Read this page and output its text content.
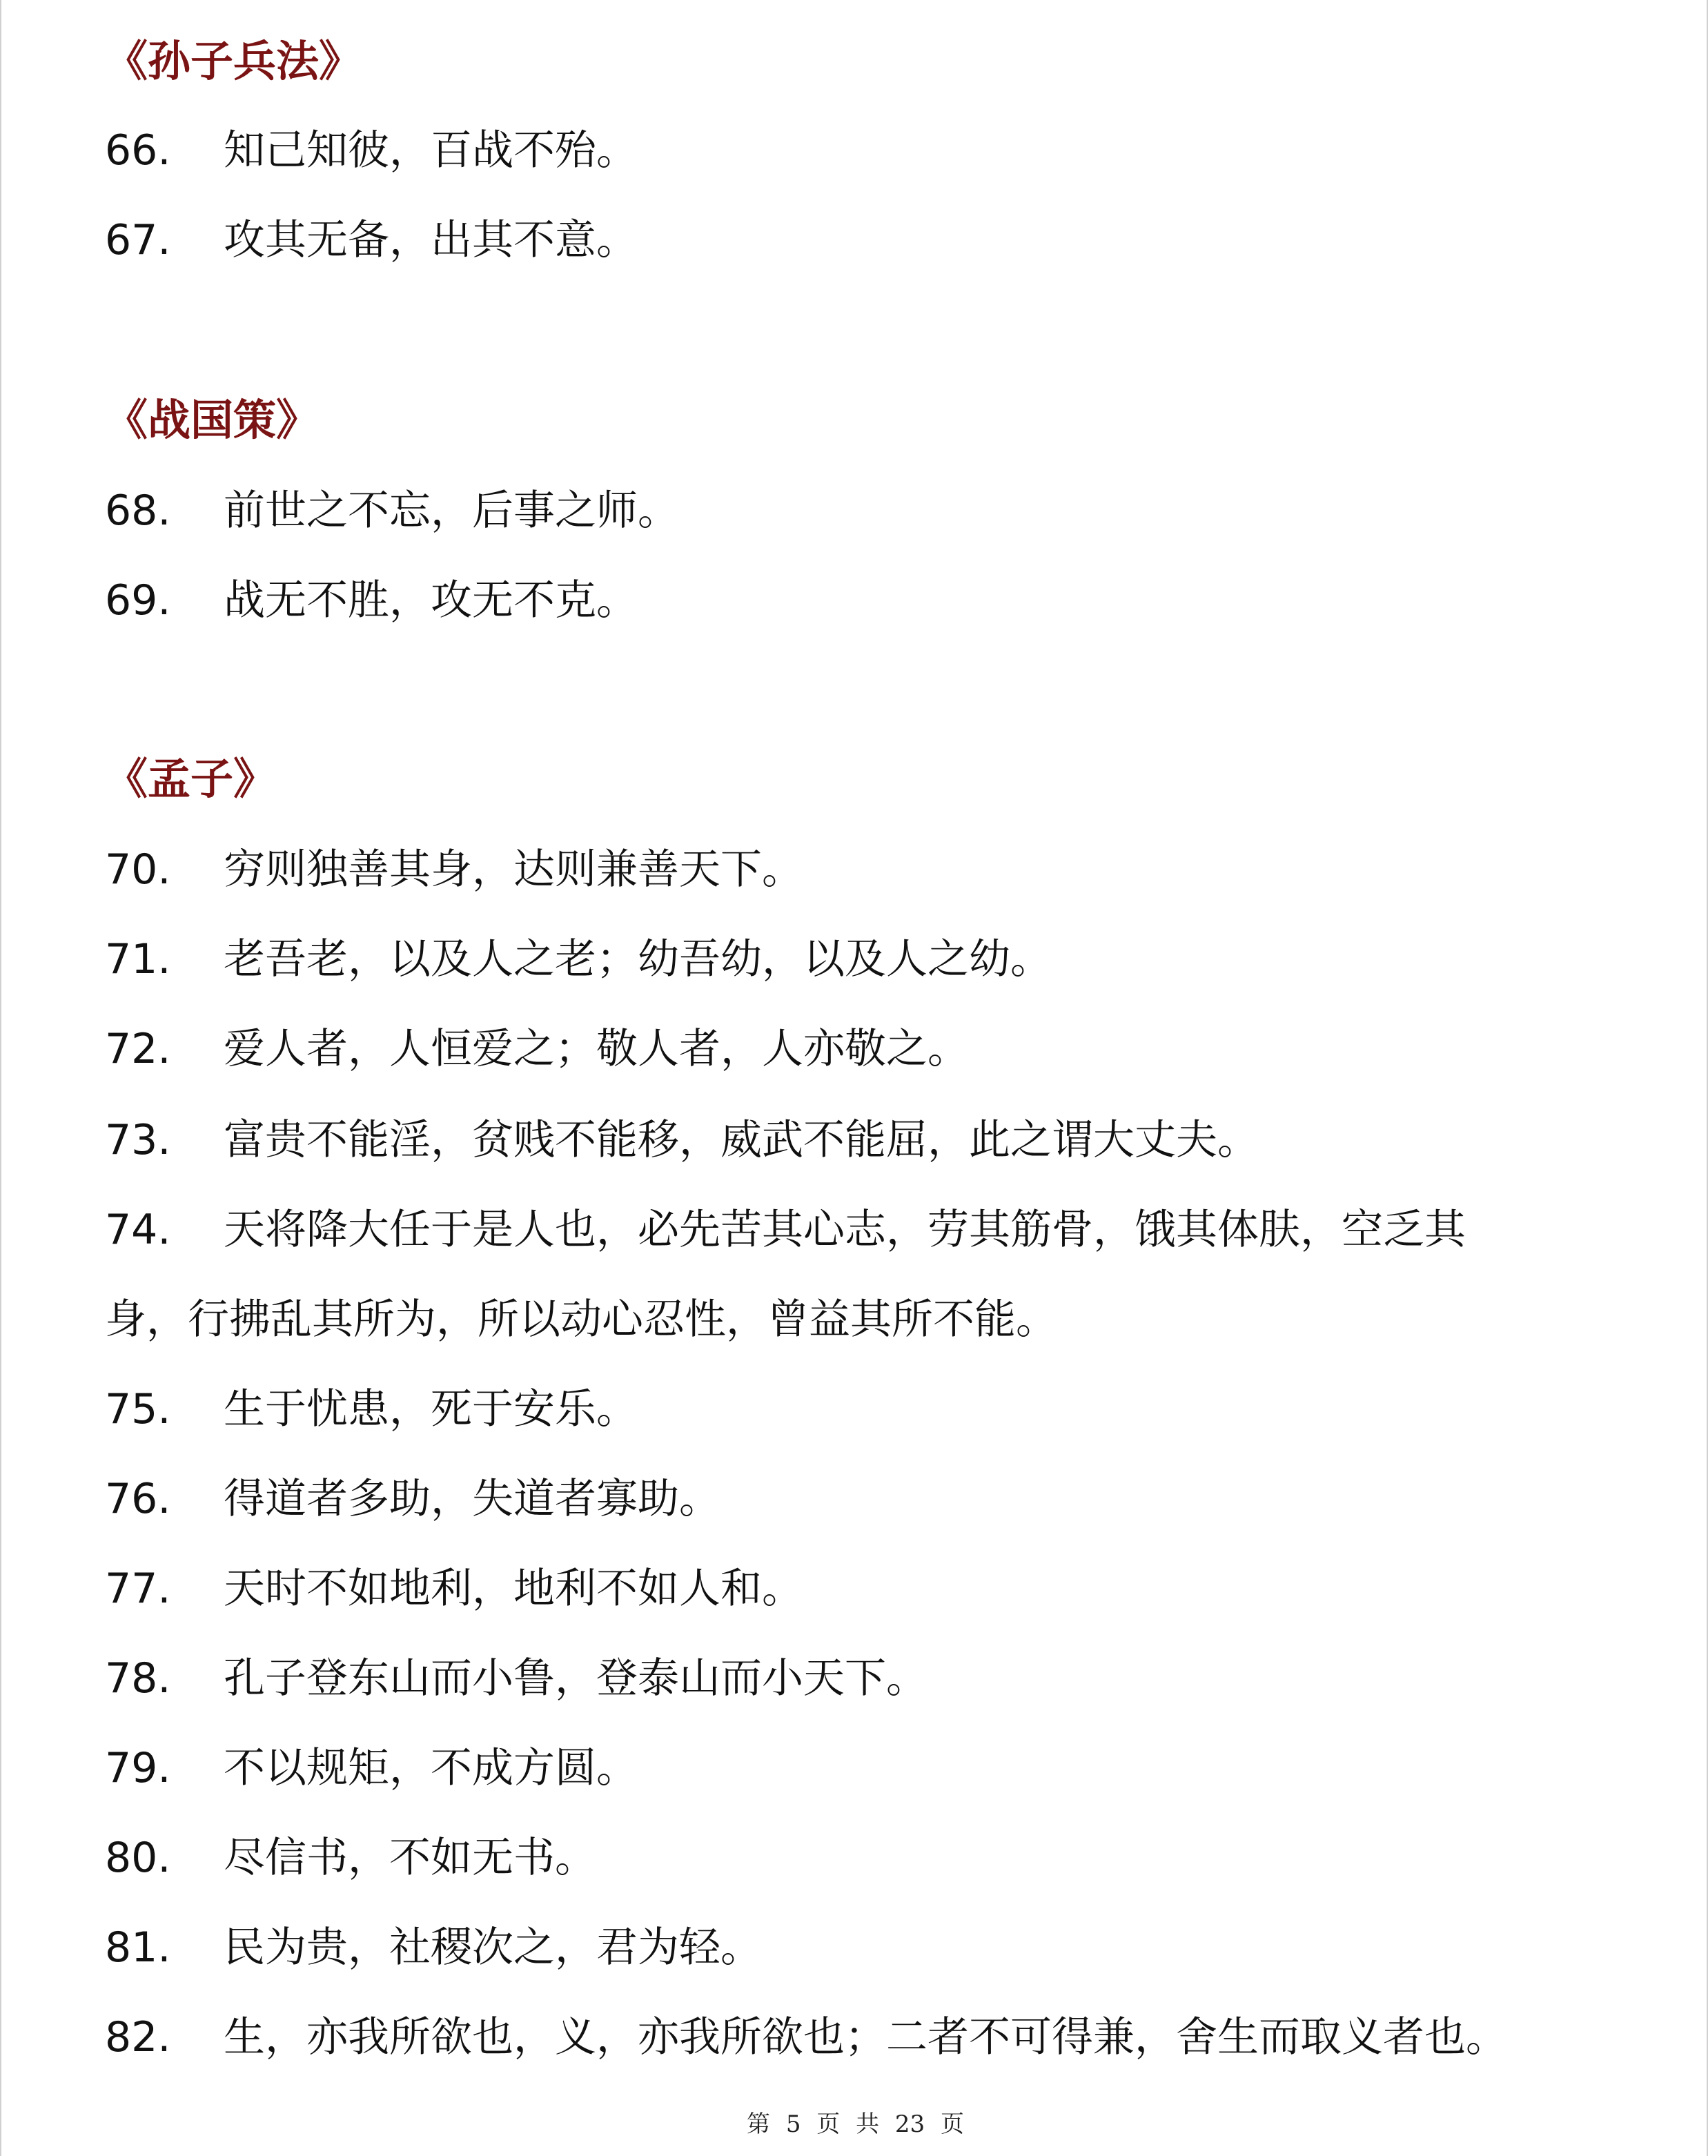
《孙子兵法》
66. 知己知彼，百战不殆。
67. 攻其无备，出其不意。
《战国策》
68. 前世之不忘，后事之师。
69. 战无不胜，攻无不克。
《孟子》
70. 穷则独善其身，达则兼善天下。
71. 老吾老，以及人之老；幼吾幼，以及人之幼。
72. 爱人者，人恒爱之；敬人者，人亦敬之。
73. 富贵不能淫，贫贱不能移，威武不能屈，此之谓大丈夫。
74. 天将降大任于是人也，必先苦其心志，劳其筋骨，饿其体肤，空乏其
身，行拂乱其所为，所以动心忍性，曾益其所不能。
75. 生于忧患，死于安乐。
76. 得道者多助，失道者寡助。
77. 天时不如地利，地利不如人和。
78. 孔子登东山而小鲁，登泰山而小天下。
79. 不以规矩，不成方圆。
80. 尽信书，不如无书。
81. 民为贵，社稷次之，君为轻。
82. 生，亦我所欲也，义，亦我所欲也；二者不可得兼，舍生而取义者也。
第 5 页 共 23 页
